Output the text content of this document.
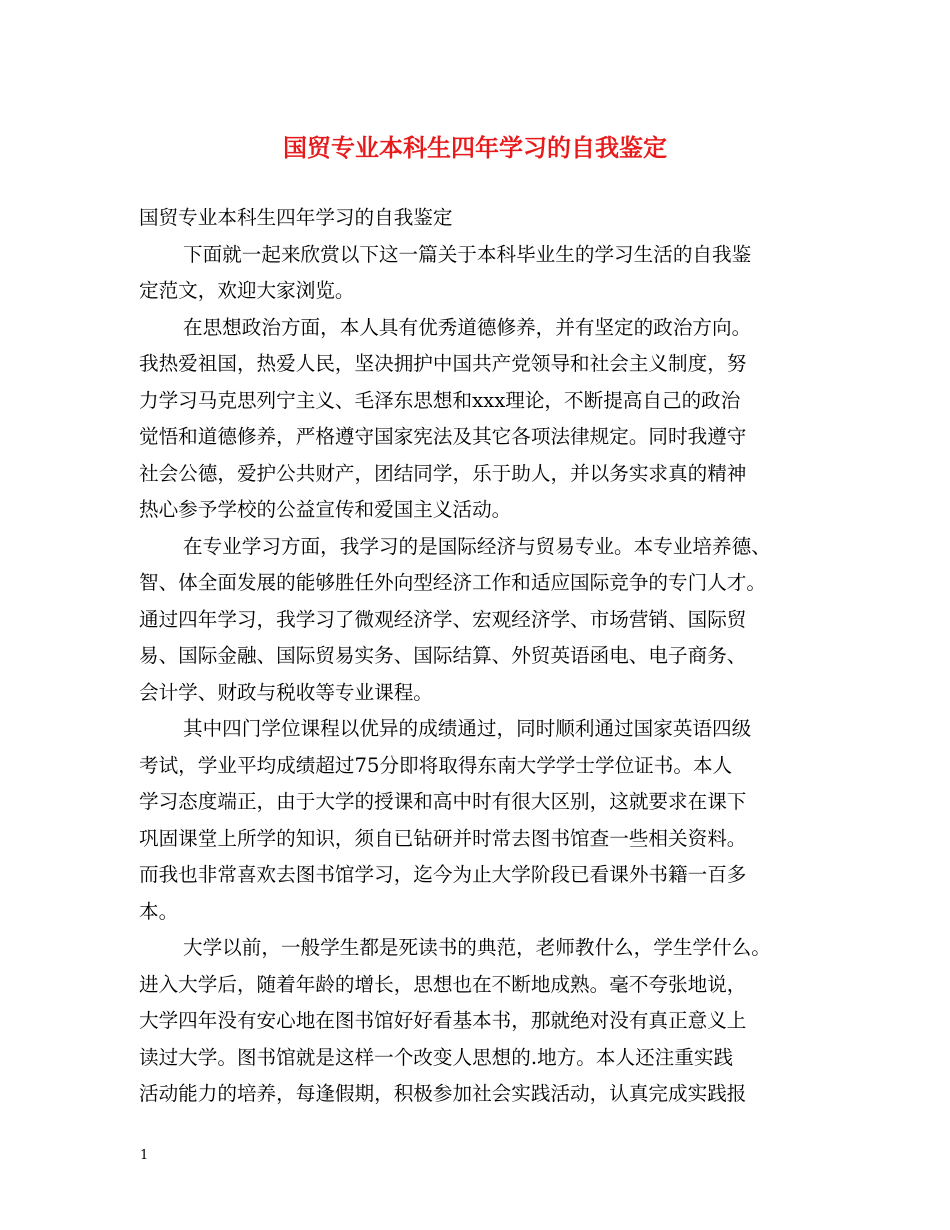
国贸专业本科生四年学习的自我鉴定
国贸专业本科生四年学习的自我鉴定
下面就一起来欣赏以下这一篇关于本科毕业生的学习生活的自我鉴
定范文，欢迎大家浏览。
在思想政治方面，本人具有优秀道德修养，并有坚定的政治方向。
我热爱祖国，热爱人民，坚决拥护中国共产党领导和社会主义制度，努
力学习马克思列宁主义、毛泽东思想和xxx理论，不断提高自己的政治
觉悟和道德修养，严格遵守国家宪法及其它各项法律规定。同时我遵守
社会公德，爱护公共财产，团结同学，乐于助人，并以务实求真的精神
热心参予学校的公益宣传和爱国主义活动。
在专业学习方面，我学习的是国际经济与贸易专业。本专业培养德、
智、体全面发展的能够胜任外向型经济工作和适应国际竞争的专门人才。
通过四年学习，我学习了微观经济学、宏观经济学、市场营销、国际贸
易、国际金融、国际贸易实务、国际结算、外贸英语函电、电子商务、
会计学、财政与税收等专业课程。
其中四门学位课程以优异的成绩通过，同时顺利通过国家英语四级
考试，学业平均成绩超过75分即将取得东南大学学士学位证书。本人
学习态度端正，由于大学的授课和高中时有很大区别，这就要求在课下
巩固课堂上所学的知识，须自已钻研并时常去图书馆查一些相关资料。
而我也非常喜欢去图书馆学习，迄今为止大学阶段已看课外书籍一百多
本。
大学以前，一般学生都是死读书的典范，老师教什么，学生学什么。
进入大学后，随着年龄的增长，思想也在不断地成熟。毫不夸张地说，
大学四年没有安心地在图书馆好好看基本书，那就绝对没有真正意义上
读过大学。图书馆就是这样一个改变人思想的.地方。本人还注重实践
活动能力的培养，每逢假期，积极参加社会实践活动，认真完成实践报
1
